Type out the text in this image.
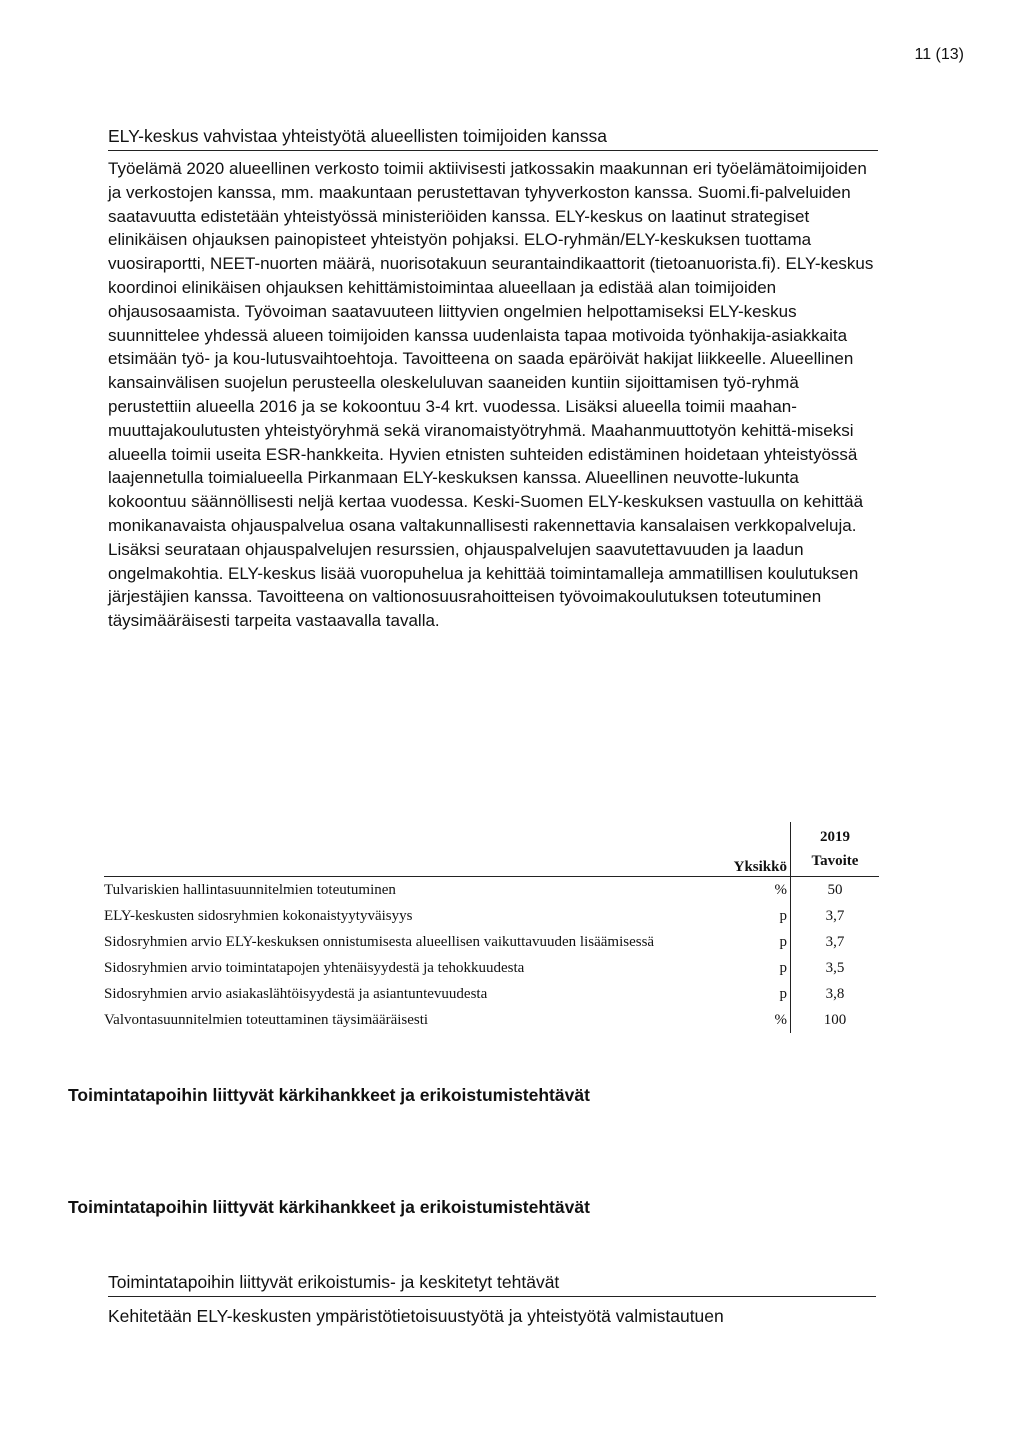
11 (13)
ELY-keskus vahvistaa yhteistyötä alueellisten toimijoiden kanssa

Työelämä 2020 alueellinen verkosto toimii aktiivisesti jatkossakin maakunnan eri työelämätoimijoiden ja verkostojen kanssa, mm. maakuntaan perustettavan tyhyverkoston kanssa. Suomi.fi-palveluiden saatavuutta edistetään yhteistyössä ministeriöiden kanssa. ELY-keskus on laatinut strategiset elinikäisen ohjauksen painopisteet yhteistyön pohjaksi. ELO-ryhmän/ELY-keskuksen tuottama vuosiraportti, NEET-nuorten määrä, nuorisotakuun seurantaindikaattorit (tietoanuorista.fi). ELY-keskus koordinoi elinikäisen ohjauksen kehittämistoimintaa alueellaan ja edistää alan toimijoiden ohjausosaamista. Työvoiman saatavuuteen liittyvien ongelmien helpottamiseksi ELY-keskus suunnittelee yhdessä alueen toimijoiden kanssa uudenlaista tapaa motivoida työnhakija-asiakkaita etsimään työ- ja kou-lutusvaihtoehtoja. Tavoitteena on saada epäröivät hakijat liikkeelle. Alueellinen kansainvälisen suojelun perusteella oleskeluluvan saaneiden kuntiin sijoittamisen työ-ryhmä perustettiin alueella 2016 ja se kokoontuu 3-4 krt. vuodessa. Lisäksi alueella toimii maahan-muuttajakoulutusten yhteistyöryhmä sekä viranomaistyötryhmä. Maahanmuuttotyön kehittä-miseksi alueella toimii useita ESR-hankkeita. Hyvien etnisten suhteiden edistäminen hoidetaan yhteistyössä laajennetulla toimialueella Pirkanmaan ELY-keskuksen kanssa. Alueellinen neuvotte-lukunta kokoontuu säännöllisesti neljä kertaa vuodessa. Keski-Suomen ELY-keskuksen vastuulla on kehittää monikanavaista ohjauspalvelua osana valtakunnallisesti rakennettavia kansalaisen verkkopalveluja. Lisäksi seurataan ohjauspalvelujen resurssien, ohjauspalvelujen saavutettavuuden ja laadun ongelmakohtia. ELY-keskus lisää vuoropuhelua ja kehittää toimintamalleja ammatillisen koulutuksen järjestäjien kanssa. Tavoitteena on valtionosuusrahoitteisen työvoimakoulutuksen toteutuminen täysimääräisesti tarpeita vastaavalla tavalla.

	Yksikkö	2019
Tavoite

Tulvariskien hallintasuunnitelmien toteutuminen	%	50
ELY-keskusten sidosryhmien kokonaistyytyväisyys	p	3,7
Sidosryhmien arvio ELY-keskuksen onnistumisesta alueellisen vaikuttavuuden lisäämisessä	p	3,7
Sidosryhmien arvio toimintatapojen yhtenäisyydestä ja tehokkuudesta	p	3,5
Sidosryhmien arvio asiakaslähtöisyydestä ja asiantuntevuudesta	p	3,8
Valvontasuunnitelmien toteuttaminen täysimääräisesti	%	100
Toimintatapoihin liittyvät kärkihankkeet ja erikoistumistehtävät
Toimintatapoihin liittyvät kärkihankkeet ja erikoistumistehtävät
Toimintatapoihin liittyvät erikoistumis- ja keskitetyt tehtävät
Kehitetään ELY-keskusten ympäristötietoisuustyötä ja yhteistyötä valmistautuen
